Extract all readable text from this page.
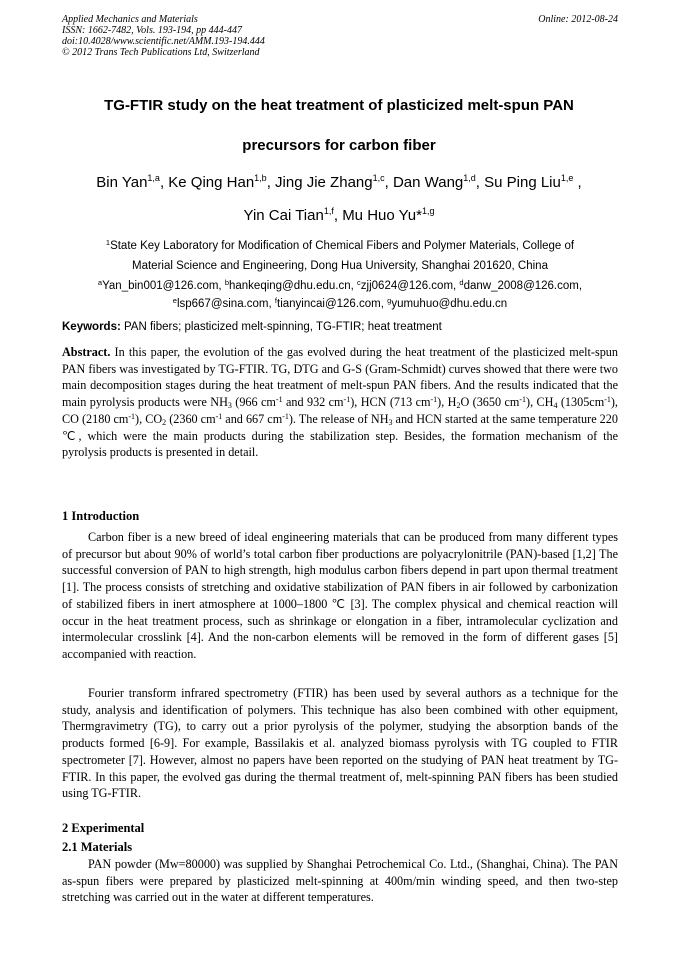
Applied Mechanics and Materials
ISSN: 1662-7482, Vols. 193-194, pp 444-447
doi:10.4028/www.scientific.net/AMM.193-194.444
© 2012 Trans Tech Publications Ltd, Switzerland
Online: 2012-08-24
TG-FTIR study on the heat treatment of plasticized melt-spun PAN
precursors for carbon fiber
Bin Yan$^{1,a}$, Ke Qing Han$^{1,b}$, Jing Jie Zhang$^{1,c}$, Dan Wang$^{1,d}$, Su Ping Liu$^{1,e}$ ,
Yin Cai Tian$^{1,f}$, Mu Huo Yu*$^{1,g}$
$^1$State Key Laboratory for Modification of Chemical Fibers and Polymer Materials, College of
Material Science and Engineering, Dong Hua University, Shanghai 201620, China
$^a$Yan_bin001@126.com, $^b$hankeqing@dhu.edu.cn, $^c$zjj0624@126.com, $^d$danw_2008@126.com,
$^e$lsp667@sina.com, $^f$tianyincai@126.com, $^g$yumuhuo@dhu.edu.cn
Keywords: PAN fibers; plasticized melt-spinning, TG-FTIR; heat treatment
Abstract. In this paper, the evolution of the gas evolved during the heat treatment of the plasticized melt-spun PAN fibers was investigated by TG-FTIR. TG, DTG and G-S (Gram-Schmidt) curves showed that there were two main decomposition stages during the heat treatment of melt-spun PAN fibers. And the results indicated that the main pyrolysis products were $NH_3$ (966 $cm^{-1}$ and 932 $cm^{-1}$), HCN (713 $cm^{-1}$), $H_2O$ (3650 $cm^{-1}$), $CH_4$ $(1305cm^{-1})$, CO (2180 $cm^{-1}$), $CO_2$ (2360 $cm^{-1}$ and 667 $cm^{-1}$). The release of $NH_3$ and HCN started at the same temperature 220 ℃, which were the main products during the stabilization step. Besides, the formation mechanism of the pyrolysis products is presented in detail.
1 Introduction
Carbon fiber is a new breed of ideal engineering materials that can be produced from many different types of precursor but about 90% of world’s total carbon fiber productions are polyacrylonitrile (PAN)-based [1,2] The successful conversion of PAN to high strength, high modulus carbon fibers depend in part upon thermal treatment [1]. The process consists of stretching and oxidative stabilization of PAN fibers in air followed by carbonization of stabilized fibers in inert atmosphere at 1000–1800 ℃ [3]. The complex physical and chemical reaction will occur in the heat treatment process, such as shrinkage or elongation in a fiber, intramolecular cyclization and intermolecular crosslink [4]. And the non-carbon elements will be removed in the form of different gases [5] accompanied with reaction.
Fourier transform infrared spectrometry (FTIR) has been used by several authors as a technique for the study, analysis and identification of polymers. This technique has also been combined with other equipment, Thermgravimetry (TG), to carry out a prior pyrolysis of the polymer, studying the absorption bands of the products formed [6-9]. For example, Bassilakis et al. analyzed biomass pyrolysis with TG coupled to FTIR spectrometer [7]. However, almost no papers have been reported on the studying of PAN heat treatment by TG-FTIR. In this paper, the evolved gas during the thermal treatment of, melt-spinning PAN fibers has been studied using TG-FTIR.
2 Experimental
2.1 Materials
PAN powder (Mw=80000) was supplied by Shanghai Petrochemical Co. Ltd., (Shanghai, China). The PAN as-spun fibers were prepared by plasticized melt-spinning at 400m/min winding speed, and then two-step stretching was carried out in the water at different temperatures.
